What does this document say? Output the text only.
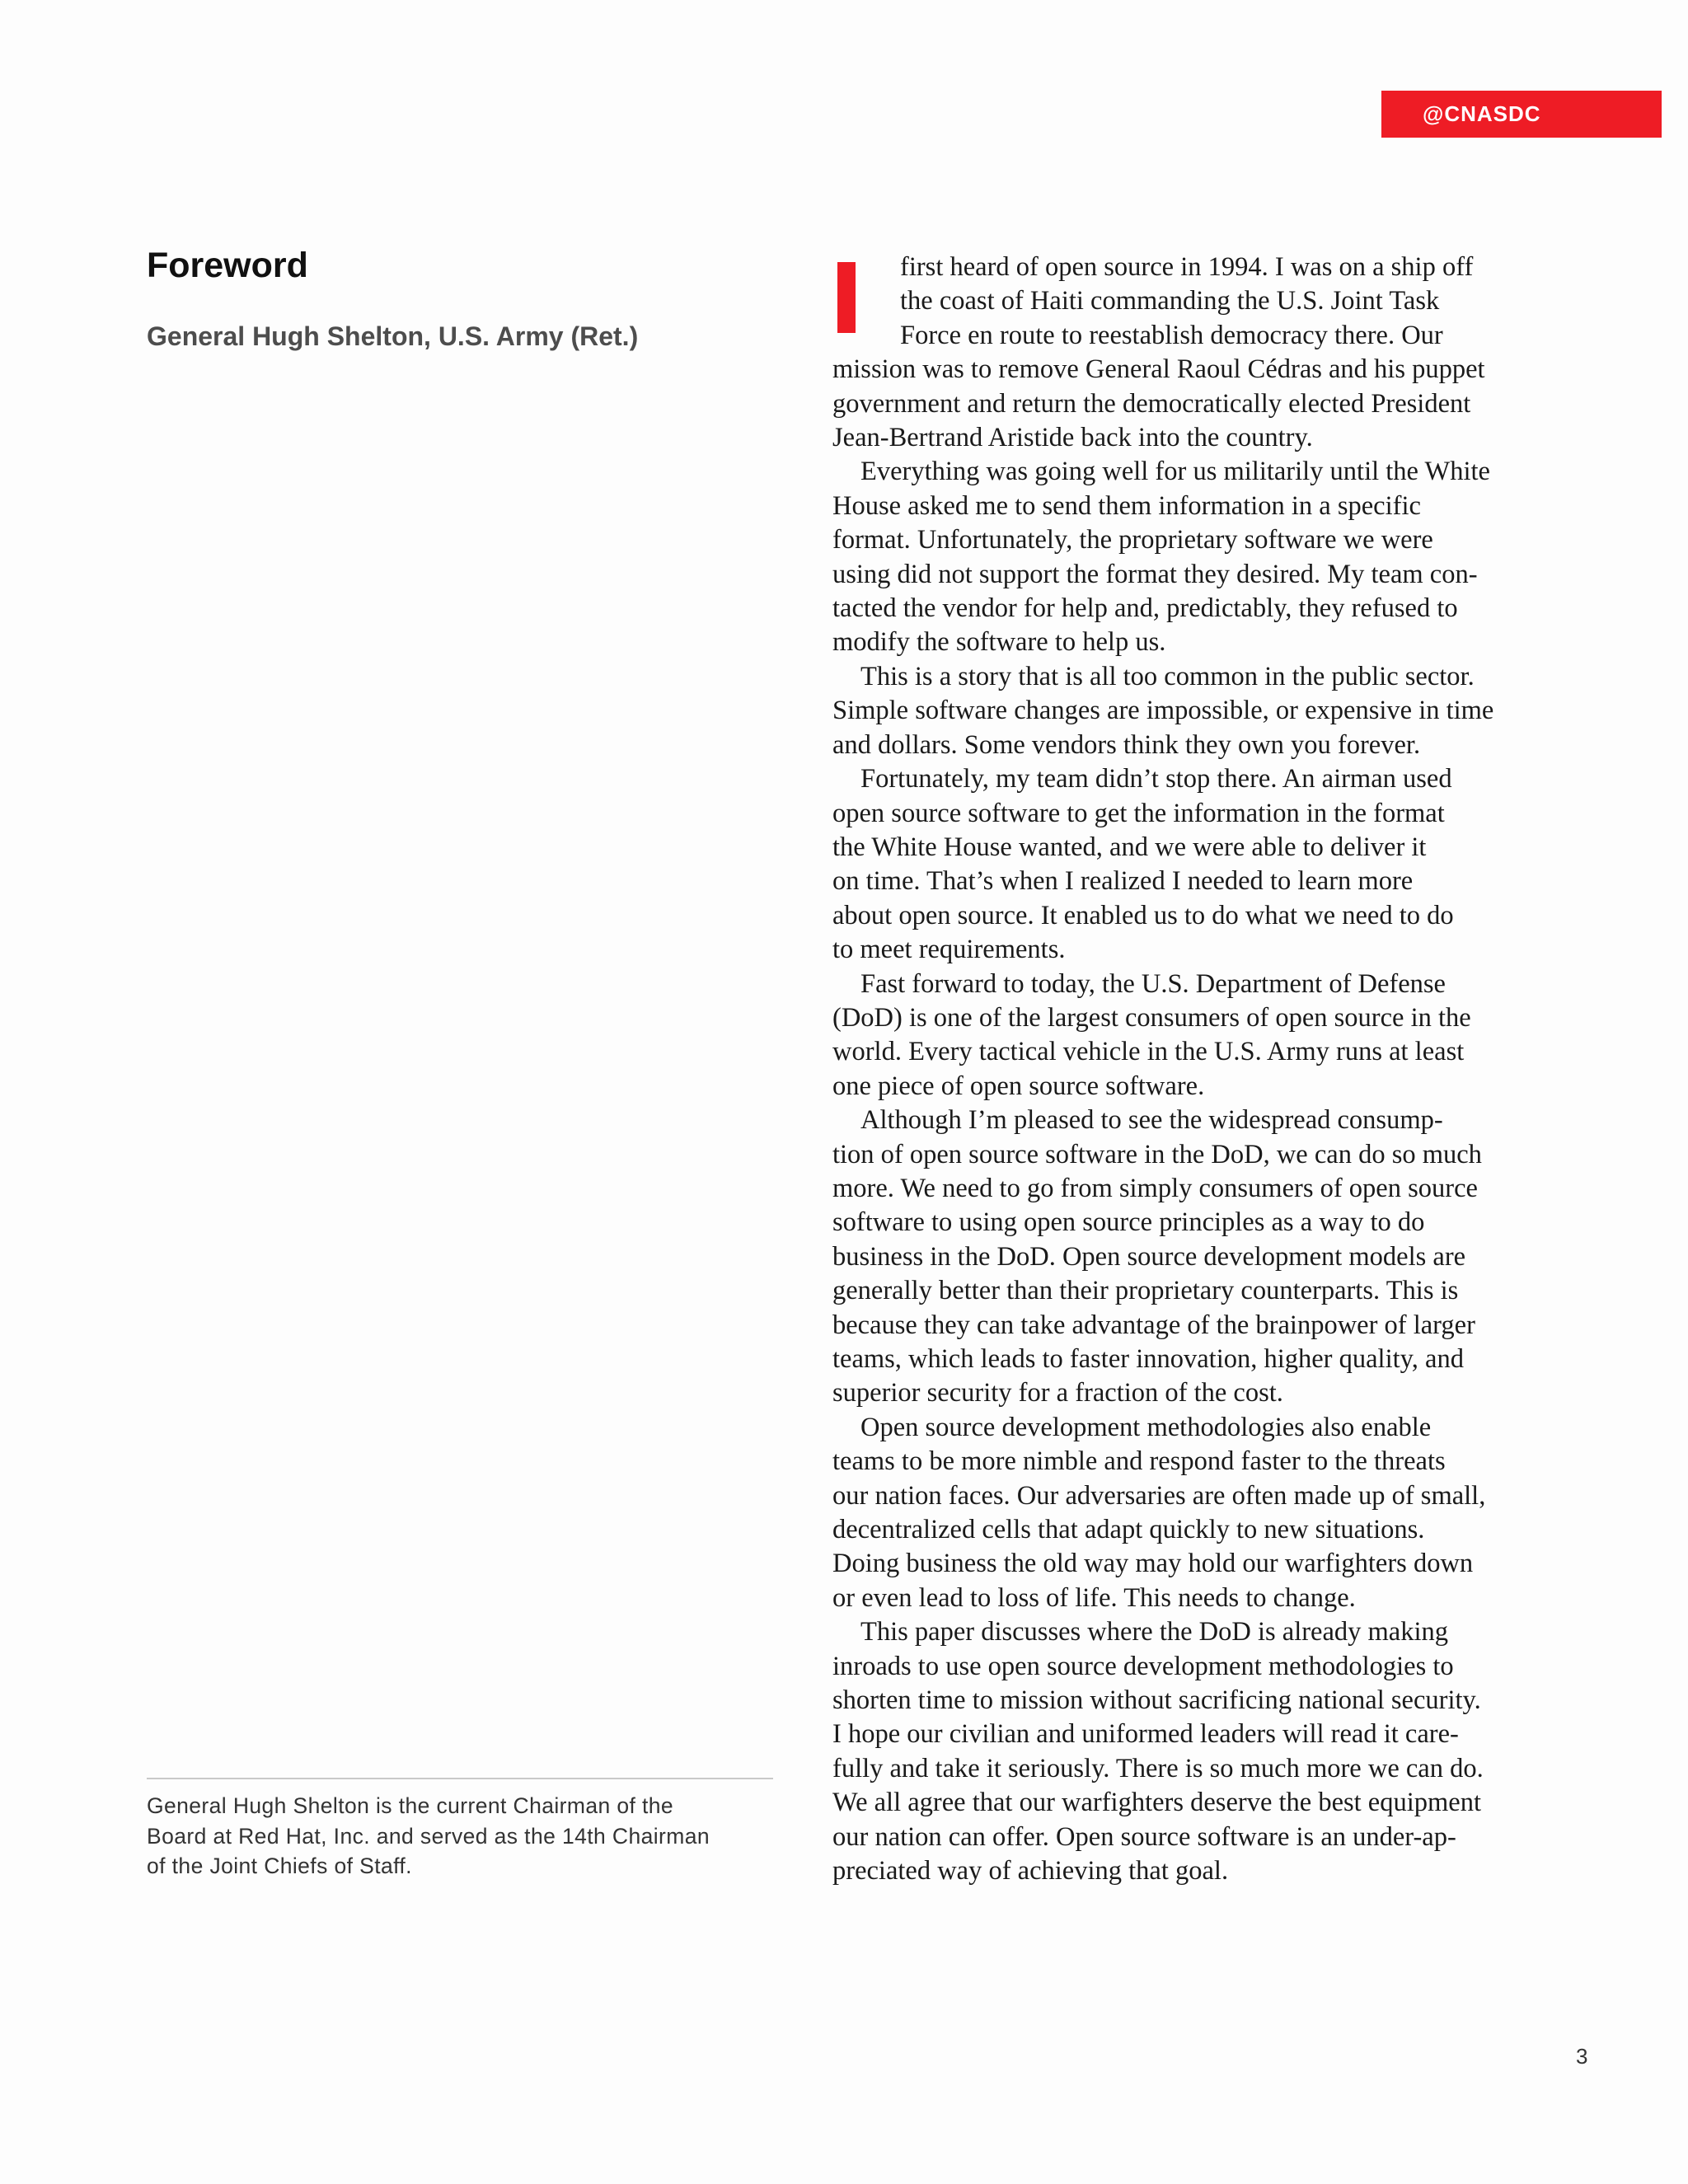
@CNASDC
Foreword
General Hugh Shelton, U.S. Army (Ret.)
General Hugh Shelton is the current Chairman of the
Board at Red Hat, Inc. and served as the 14th Chairman
of the Joint Chiefs of Staff.
first heard of open source in 1994. I was on a ship off
the coast of Haiti commanding the U.S. Joint Task
Force en route to reestablish democracy there. Our
mission was to remove General Raoul Cédras and his puppet
government and return the democratically elected President
Jean-Bertrand Aristide back into the country.
Everything was going well for us militarily until the White
House asked me to send them information in a specific
format. Unfortunately, the proprietary software we were
using did not support the format they desired. My team con-
tacted the vendor for help and, predictably, they refused to
modify the software to help us.
This is a story that is all too common in the public sector.
Simple software changes are impossible, or expensive in time
and dollars. Some vendors think they own you forever.
Fortunately, my team didn’t stop there. An airman used
open source software to get the information in the format
the White House wanted, and we were able to deliver it
on time. That’s when I realized I needed to learn more
about open source. It enabled us to do what we need to do
to meet requirements.
Fast forward to today, the U.S. Department of Defense
(DoD) is one of the largest consumers of open source in the
world. Every tactical vehicle in the U.S. Army runs at least
one piece of open source software.
Although I’m pleased to see the widespread consump-
tion of open source software in the DoD, we can do so much
more. We need to go from simply consumers of open source
software to using open source principles as a way to do
business in the DoD. Open source development models are
generally better than their proprietary counterparts. This is
because they can take advantage of the brainpower of larger
teams, which leads to faster innovation, higher quality, and
superior security for a fraction of the cost.
Open source development methodologies also enable
teams to be more nimble and respond faster to the threats
our nation faces. Our adversaries are often made up of small,
decentralized cells that adapt quickly to new situations.
Doing business the old way may hold our warfighters down
or even lead to loss of life. This needs to change.
This paper discusses where the DoD is already making
inroads to use open source development methodologies to
shorten time to mission without sacrificing national security.
I hope our civilian and uniformed leaders will read it care-
fully and take it seriously. There is so much more we can do.
We all agree that our warfighters deserve the best equipment
our nation can offer. Open source software is an under-ap-
preciated way of achieving that goal.
3
